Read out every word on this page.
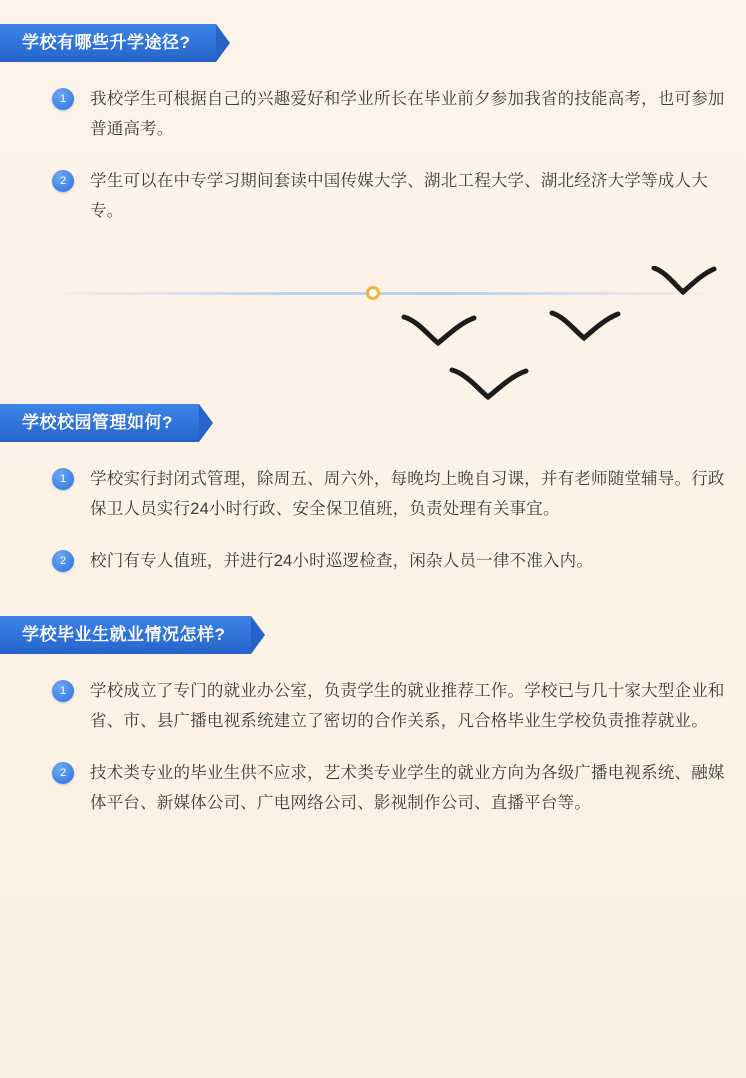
学校有哪些升学途径?
1	我校学生可根据自己的兴趣爱好和学业所长在毕业前夕参加我省的技能高考，也可参加普通高考。
2	学生可以在中专学习期间套读中国传媒大学、湖北工程大学、湖北经济大学等成人大专。
学校校园管理如何?
1	学校实行封闭式管理，除周五、周六外，每晚均上晚自习课，并有老师随堂辅导。行政保卫人员实行24小时行政、安全保卫值班，负责处理有关事宜。
2	校门有专人值班，并进行24小时巡逻检查，闲杂人员一律不准入内。
学校毕业生就业情况怎样?
1	学校成立了专门的就业办公室，负责学生的就业推荐工作。学校已与几十家大型企业和省、市、县广播电视系统建立了密切的合作关系，凡合格毕业生学校负责推荐就业。
2	技术类专业的毕业生供不应求，艺术类专业学生的就业方向为各级广播电视系统、融媒体平台、新媒体公司、广电网络公司、影视制作公司、直播平台等。
